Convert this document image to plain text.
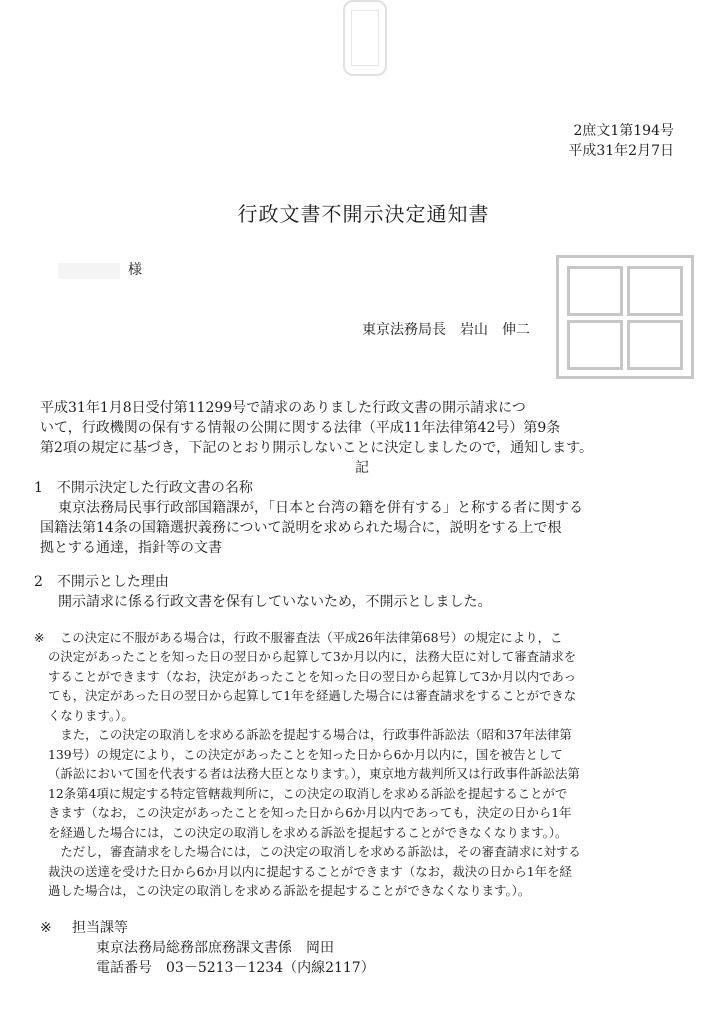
2庶文1第194号
平成31年2月7日
行政文書不開示決定通知書
様
東京法務局長　岩山　伸二
平成31年1月8日受付第11299号で請求のありました行政文書の開示請求につ
いて，行政機関の保有する情報の公開に関する法律（平成11年法律第42号）第9条
第2項の規定に基づき，下記のとおり開示しないことに決定しましたので，通知します。
記
1　不開示決定した行政文書の名称
東京法務局民事行政部国籍課が，「日本と台湾の籍を併有する」と称する者に関する
国籍法第14条の国籍選択義務について説明を求められた場合に，説明をする上で根
拠とする通達，指針等の文書
2　不開示とした理由
開示請求に係る行政文書を保有していないため，不開示としました。
※ この決定に不服がある場合は，行政不服審査法（平成26年法律第68号）の規定により，こ
の決定があったことを知った日の翌日から起算して3か月以内に，法務大臣に対して審査請求を
することができます（なお，決定があったことを知った日の翌日から起算して3か月以内であっ
ても，決定があった日の翌日から起算して1年を経過した場合には審査請求をすることができな
くなります。）。
　また，この決定の取消しを求める訴訟を提起する場合は，行政事件訴訟法（昭和37年法律第
139号）の規定により，この決定があったことを知った日から6か月以内に，国を被告として
（訴訟において国を代表する者は法務大臣となります。），東京地方裁判所又は行政事件訴訟法第
12条第4項に規定する特定管轄裁判所に，この決定の取消しを求める訴訟を提起することがで
きます（なお，この決定があったことを知った日から6か月以内であっても，決定の日から1年
を経過した場合には，この決定の取消しを求める訴訟を提起することができなくなります。）。
　ただし，審査請求をした場合には，この決定の取消しを求める訴訟は，その審査請求に対する
裁決の送達を受けた日から6か月以内に提起することができます（なお，裁決の日から1年を経
過した場合は，この決定の取消しを求める訴訟を提起することができなくなります。）。
※ 担当課等
東京法務局総務部庶務課文書係　岡田
電話番号　03－5213－1234（内線2117）
